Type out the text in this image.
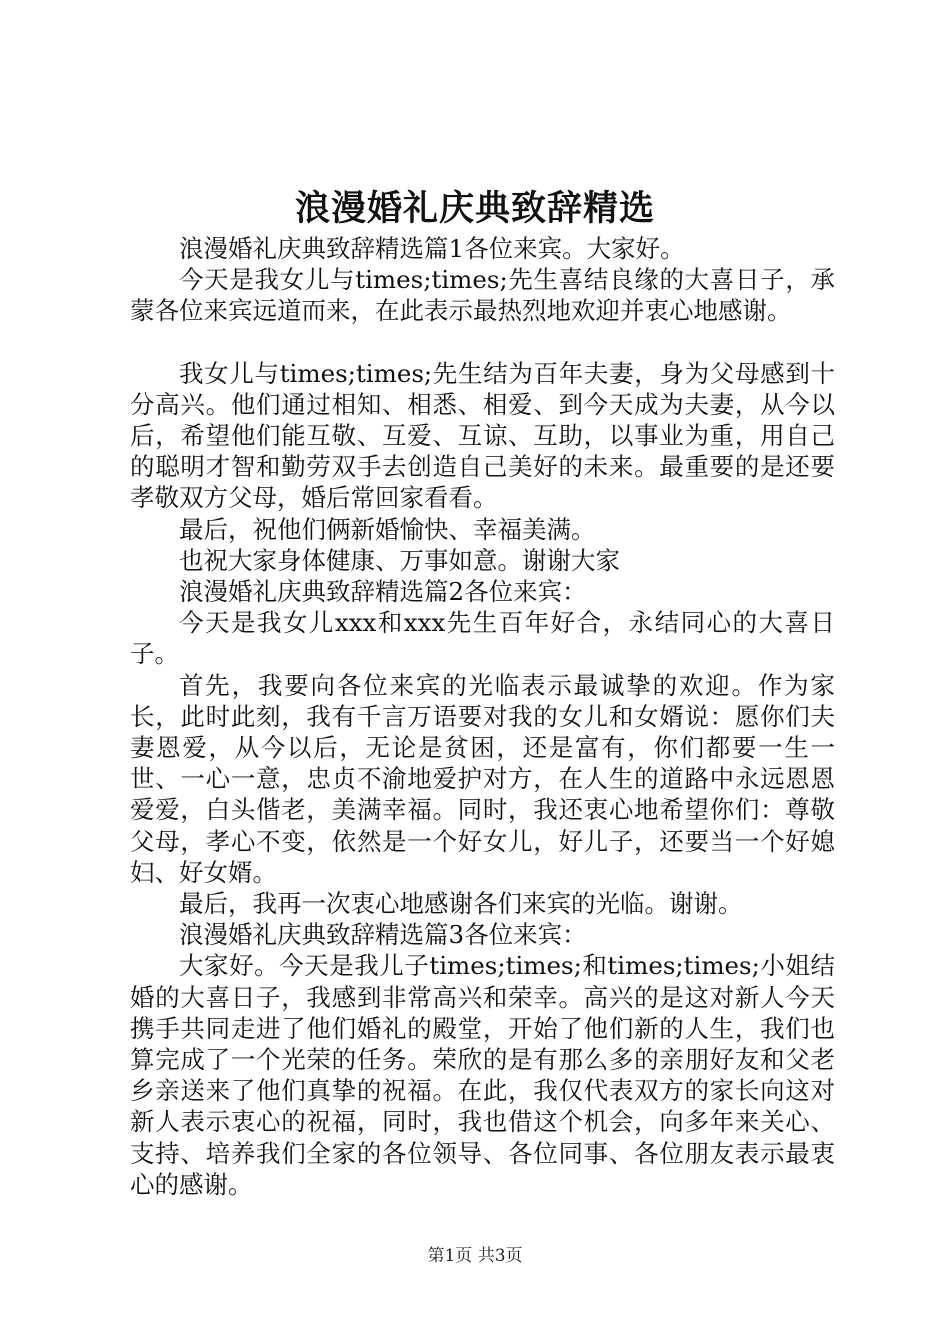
浪漫婚礼庆典致辞精选

浪漫婚礼庆典致辞精选篇1各位来宾。大家好。

今天是我女儿与times;times;先生喜结良缘的大喜日子，承蒙各位来宾远道而来，在此表示最热烈地欢迎并衷心地感谢。

我女儿与times;times;先生结为百年夫妻，身为父母感到十分高兴。他们通过相知、相悉、相爱、到今天成为夫妻，从今以后，希望他们能互敬、互爱、互谅、互助，以事业为重，用自己的聪明才智和勤劳双手去创造自己美好的未来。最重要的是还要孝敬双方父母，婚后常回家看看。

最后，祝他们俩新婚愉快、幸福美满。

也祝大家身体健康、万事如意。谢谢大家

浪漫婚礼庆典致辞精选篇2各位来宾：

今天是我女儿xxx和xxx先生百年好合，永结同心的大喜日子。

首先，我要向各位来宾的光临表示最诚挚的欢迎。作为家长，此时此刻，我有千言万语要对我的女儿和女婿说：愿你们夫妻恩爱，从今以后，无论是贫困，还是富有，你们都要一生一世、一心一意，忠贞不渝地爱护对方，在人生的道路中永远恩恩爱爱，白头偕老，美满幸福。同时，我还衷心地希望你们：尊敬父母，孝心不变，依然是一个好女儿，好儿子，还要当一个好媳妇、好女婿。

最后，我再一次衷心地感谢各们来宾的光临。谢谢。

浪漫婚礼庆典致辞精选篇3各位来宾：

大家好。今天是我儿子times;times;和times;times;小姐结婚的大喜日子，我感到非常高兴和荣幸。高兴的是这对新人今天携手共同走进了他们婚礼的殿堂，开始了他们新的人生，我们也算完成了一个光荣的任务。荣欣的是有那么多的亲朋好友和父老乡亲送来了他们真挚的祝福。在此，我仅代表双方的家长向这对新人表示衷心的祝福，同时，我也借这个机会，向多年来关心、支持、培养我们全家的各位领导、各位同事、各位朋友表示最衷心的感谢。

第1页 共3页
